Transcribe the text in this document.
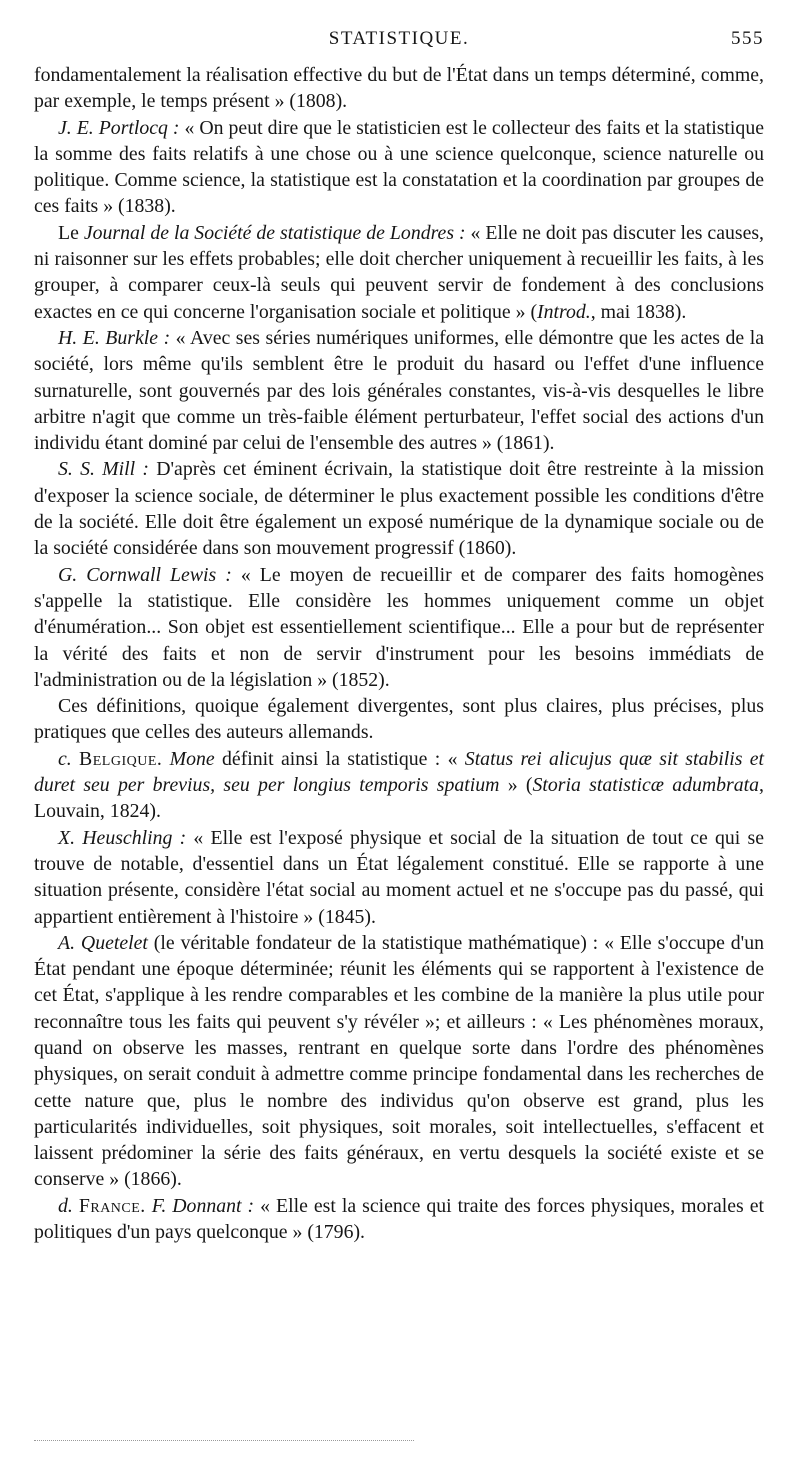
STATISTIQUE.	555

fondamentalement la réalisation effective du but de l'État dans un temps déterminé, comme, par exemple, le temps présent » (1808).

J. E. Portlocq : « On peut dire que le statisticien est le collecteur des faits et la statistique la somme des faits relatifs à une chose ou à une science quelconque, science naturelle ou politique. Comme science, la statistique est la constatation et la coordination par groupes de ces faits » (1838).

Le Journal de la Société de statistique de Londres : « Elle ne doit pas discuter les causes, ni raisonner sur les effets probables; elle doit chercher uniquement à recueillir les faits, à les grouper, à comparer ceux-là seuls qui peuvent servir de fondement à des conclusions exactes en ce qui concerne l'organisation sociale et politique » (Introd., mai 1838).

H. E. Burkle : « Avec ses séries numériques uniformes, elle démontre que les actes de la société, lors même qu'ils semblent être le produit du hasard ou l'effet d'une influence surnaturelle, sont gouvernés par des lois générales constantes, vis-à-vis desquelles le libre arbitre n'agit que comme un très-faible élément perturbateur, l'effet social des actions d'un individu étant dominé par celui de l'ensemble des autres » (1861).

S. S. Mill : D'après cet éminent écrivain, la statistique doit être restreinte à la mission d'exposer la science sociale, de déterminer le plus exactement possible les conditions d'être de la société. Elle doit être également un exposé numérique de la dynamique sociale ou de la société considérée dans son mouvement progressif (1860).

G. Cornwall Lewis : « Le moyen de recueillir et de comparer des faits homogènes s'appelle la statistique. Elle considère les hommes uniquement comme un objet d'énumération... Son objet est essentiellement scientifique... Elle a pour but de représenter la vérité des faits et non de servir d'instrument pour les besoins immédiats de l'administration ou de la législation » (1852).

Ces définitions, quoique également divergentes, sont plus claires, plus précises, plus pratiques que celles des auteurs allemands.

c. Belgique. Mone définit ainsi la statistique : « Status rei alicujus quæ sit stabilis et duret seu per brevius, seu per longius temporis spatium » (Storia statisticæ adumbrata, Louvain, 1824).

X. Heuschling : « Elle est l'exposé physique et social de la situation de tout ce qui se trouve de notable, d'essentiel dans un État légalement constitué. Elle se rapporte à une situation présente, considère l'état social au moment actuel et ne s'occupe pas du passé, qui appartient entièrement à l'histoire » (1845).

A. Quetelet (le véritable fondateur de la statistique mathématique) : « Elle s'occupe d'un État pendant une époque déterminée; réunit les éléments qui se rapportent à l'existence de cet État, s'applique à les rendre comparables et les combine de la manière la plus utile pour reconnaître tous les faits qui peuvent s'y révéler »; et ailleurs : « Les phénomènes moraux, quand on observe les masses, rentrant en quelque sorte dans l'ordre des phénomènes physiques, on serait conduit à admettre comme principe fondamental dans les recherches de cette nature que, plus le nombre des individus qu'on observe est grand, plus les particularités individuelles, soit physiques, soit morales, soit intellectuelles, s'effacent et laissent prédominer la série des faits généraux, en vertu desquels la société existe et se conserve » (1866).

d. France. F. Donnant : « Elle est la science qui traite des forces physiques, morales et politiques d'un pays quelconque » (1796).
